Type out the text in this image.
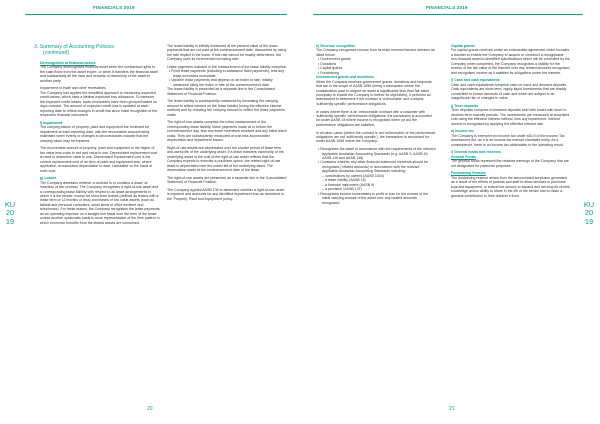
FINANCIALS 2019	FINANCIALS 2019
KU
20
19
KU
20
19
20	21
3. Summary of Accounting Policies
(continued)

Derecognition of financial assets

The Company derecognises financial asset when the contractual rights to the cash flows from the asset expire, or when it transfers the financial asset and substantially all the risks and rewards of ownership of the asset to another party.

Impairment of trade and other receivables

The Company has applied the simplified approach to measuring expected credit losses, which uses a lifetime expected loss allowance. To measure the expected credit losses, trade receivables have been grouped based on days overdue. The amount of expected credit loss is updated at each reporting date to reflect changes in credit risk since initial recognition of the respective financial instrument.

f) Impairment

The carrying values of property, plant and equipment are reviewed for impairment at each reporting date, with the recoverable amount being estimated when events or changes in circumstances indicate that the carrying value may be impaired.

The recoverable amount of property, plant and equipment is the higher of fair value less costs to sell and value in use. Depreciated replacement cost is used to determine value in use. Depreciated replacement cost is the current replacement cost of an item of plant and equipment less, where applicable, accumulated depreciation to date, calculated on the basis of such cost.

g) Leases

The Company assesses whether a contract is or contains a lease, at inception of the contract. The Company recognises a right-of-use asset and a corresponding lease liability with respect to all lease arrangements in which it is the lessee, except for short-term leases (defined as leases with a lease term of 12 months or less) and leases of low value assets (such as tablets and personal computers, small items of office furniture and telephones). For these leases, the Company recognises the lease payments as an operating expense on a straight-line basis over the term of the lease unless another systematic basis is more representative of the time pattern in which economic benefits from the leased assets are consumed.

The lease liability is initially measured at the present value of the lease payments that are not paid at the commencement date, discounted by using the rate implicit in the lease. If this rate cannot be readily determined, the Company uses its incremental borrowing rate.

Lease payments included in the measurement of the lease liability comprise:

• Fixed lease payments (including in-substance fixed payments), less any lease incentives receivable;

• Variable lease payments that depend on an index or rate, initially measured using the index or rate at the commencement date.

The lease liability is presented as a separate line in the Consolidated Statement of Financial Position.

The lease liability is subsequently measured by increasing the carrying amount to reflect interest on the lease liability (using the effective interest method) and by reducing the carrying amount to reflect the lease payments made.

The right-of-use assets comprise the initial measurement of the corresponding lease liability, lease payments made at or before the commencement day, less any lease incentives received and any initial direct costs. They are subsequently measured at cost less accumulated depreciation and impairment losses.

Right-of-use assets are depreciated over the shorter period of lease term and useful life of the underlying asset. If a lease transfers ownership of the underlying asset or the cost of the right-of-use asset reflects that the Company expects to exercise a purchase option, the related right-of-use asset is depreciated over the useful life of the underlying asset. The depreciation starts at the commencement date of the lease.

The right-of-use assets are presented as a separate line in the Consolidated Statement of Financial Position.

The Company applies AASB 136 to determine whether a right-of-use asset is impaired and accounts for any identified impairment loss as described in the 'Property, Plant and Equipment' policy.

h) Revenue recognition

The Company recognises income from its main revenue/income streams as listed below:

• Government grants

• Donations

• Capital grants

• Fundraising

Government grants and donations

When the Company receives government grants, donations and bequests that are in the scope of AASB 1058 (being a transaction where the consideration paid to acquire an asset is significantly less than fair value principally to enable the Company to further its objectives), it performs an assessment to determine if the contract is 'enforceable' and contains 'sufficiently specific' performance obligations.

In cases where there is an 'enforceable' contract with a customer with 'sufficiently specific' performance obligations, the transaction is accounted for under AASB 15 where income is recognised when (or as) the performance obligations are satisfied.

In all other cases (where the contract is not 'enforceable' or the performance obligations are not 'sufficiently specific'), the transaction is accounted for under AASB 1058 where the Company:

• Recognises the asset in accordance with the requirements of the relevant applicable Australian Accounting Standards (e.g. AASB 9, AASB 16, AASB 116 and AASB 138)

• Considers whether any other financial statement elements should be recognised ('related amounts') in accordance with the relevant applicable Australian Accounting Standards including:

– contributions by owners (AASB 1004)

– a lease liability (AASB 16)

– a financial instrument (AASB 9)

– a provision (AASB 137)

• Recognises income immediately in profit or loss for the excess of the initial carrying amount of the asset over any related amounts recognised.

Capital grants

For capital grants received under an enforceable agreement which includes a transfer to enable the Company to acquire or construct a recognisable non-financial asset to identified specifications which will be controlled by the Company when completed, the Company recognises a liability for the excess of the fair value of the transfer over any related amounts recognised and recognises income as it satisfies its obligations under the transfer.

i) Cash and cash equivalents

Cash and cash equivalents comprise cash on hand and demand deposits. Cash equivalents are short-term, highly liquid investments that are readily convertible to known amounts of cash and which are subject to an insignificant risk of changes in value.

j) Term deposits

Term deposits comprise investment deposits held with banks with short to medium term maturity periods. The investments are measured at amortised cost using the effective interest method, less any impairment. Interest income is recognised by applying the effective interest rate.

k) Income tax

The Company is exempt from income tax under s50-5 of the Income Tax Assessment Act, as it is an income tax exempt charitable entity. As a consequence, there is no income tax attributable to the operating result.

l) General funds and reserves

General Funds

The general funds represent the retained earnings of the Company that are not designated for particular purposes.

Fundraising Reserve

The fundraising reserve arises from the accumulated surpluses generated as a result of the efforts of parents and staff to allow services to purchase toys and equipment, to extend the service to expand and develop its central knowledge and/or ability to share in the life of the centre and to make a genuine contribution to their children's lives.
